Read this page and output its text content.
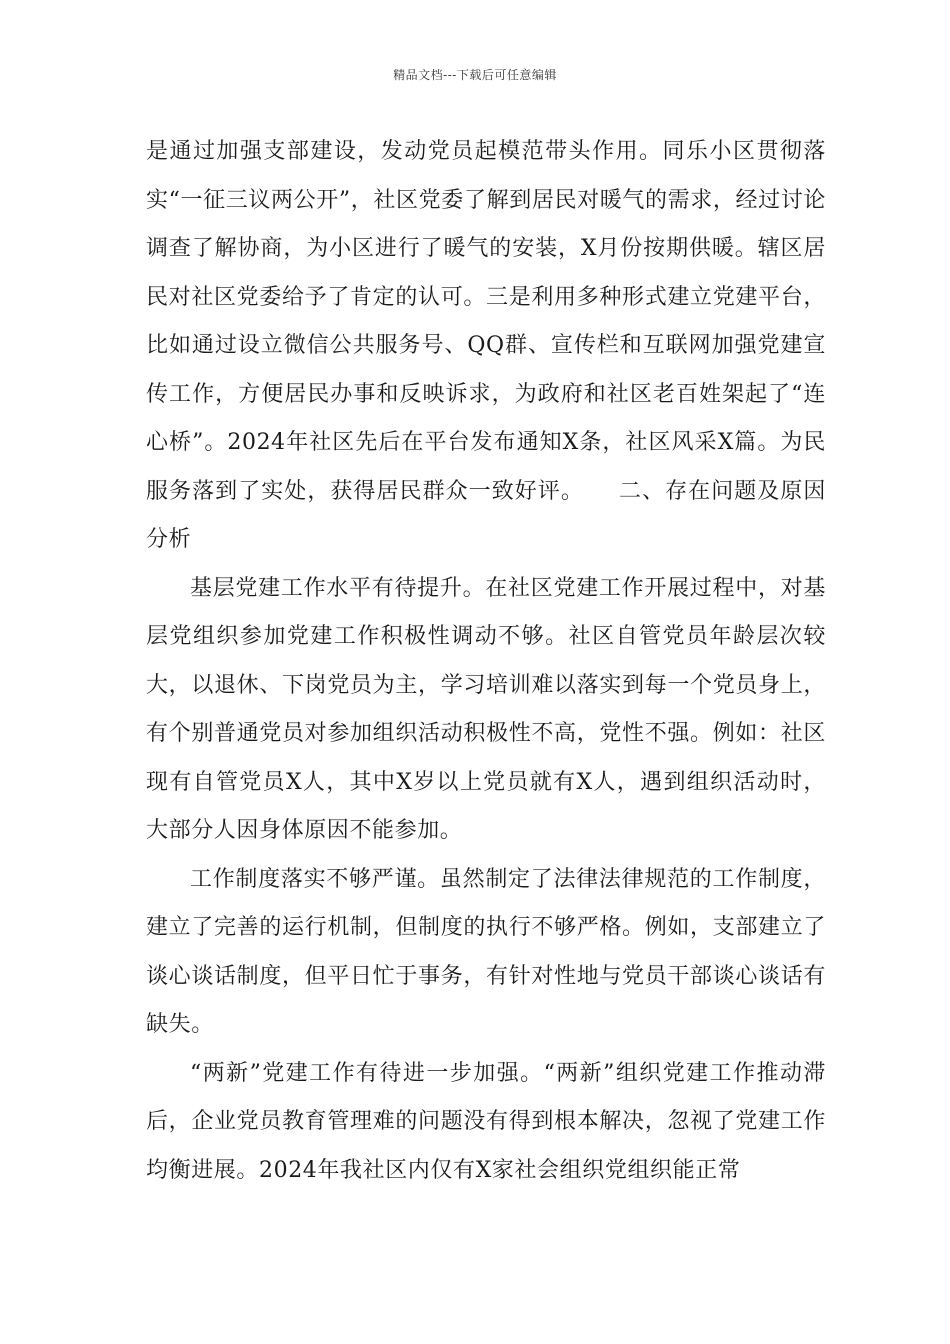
精品文档---下载后可任意编辑

是通过加强支部建设，发动党员起模范带头作用。同乐小区贯彻落实“一征三议两公开”，社区党委了解到居民对暖气的需求，经过讨论调查了解协商，为小区进行了暖气的安装，X月份按期供暖。辖区居民对社区党委给予了肯定的认可。三是利用多种形式建立党建平台，比如通过设立微信公共服务号、QQ群、宣传栏和互联网加强党建宣传工作，方便居民办事和反映诉求，为政府和社区老百姓架起了“连心桥”。2024年社区先后在平台发布通知X条，社区风采X篇。为民服务落到了实处，获得居民群众一致好评。　　二、存在问题及原因分析

基层党建工作水平有待提升。在社区党建工作开展过程中，对基层党组织参加党建工作积极性调动不够。社区自管党员年龄层次较大，以退休、下岗党员为主，学习培训难以落实到每一个党员身上，有个别普通党员对参加组织活动积极性不高，党性不强。例如：社区现有自管党员X人，其中X岁以上党员就有X人，遇到组织活动时，大部分人因身体原因不能参加。

工作制度落实不够严谨。虽然制定了法律法律规范的工作制度，建立了完善的运行机制，但制度的执行不够严格。例如，支部建立了谈心谈话制度，但平日忙于事务，有针对性地与党员干部谈心谈话有缺失。

“两新”党建工作有待进一步加强。“两新”组织党建工作推动滞后，企业党员教育管理难的问题没有得到根本解决，忽视了党建工作均衡进展。2024年我社区内仅有X家社会组织党组织能正常
